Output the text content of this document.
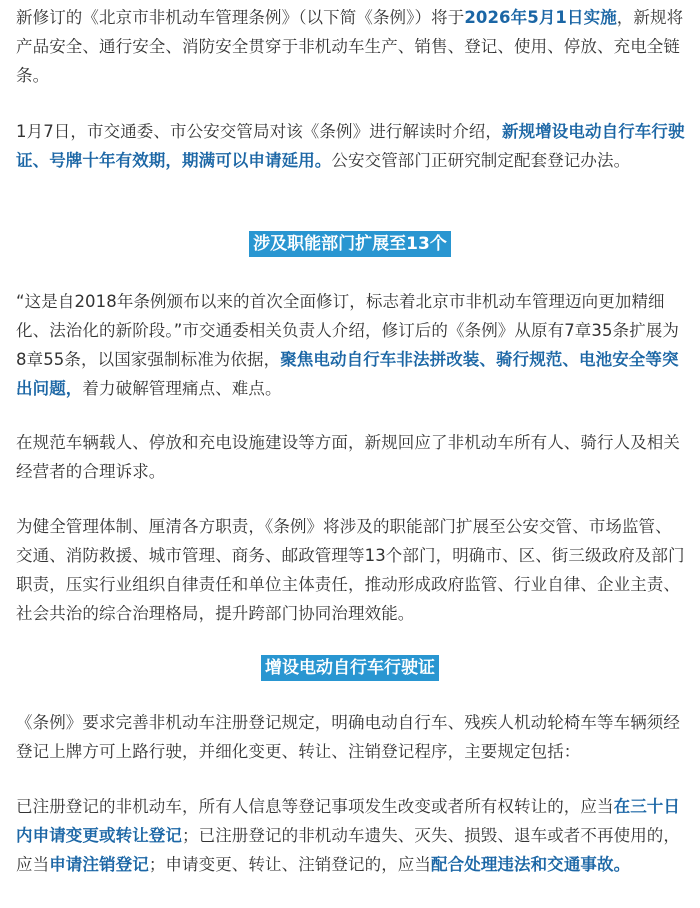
新修订的《北京市非机动车管理条例》（以下简《条例》）将于2026年5月1日实施，新规将产品安全、通行安全、消防安全贯穿于非机动车生产、销售、登记、使用、停放、充电全链条。

1月7日，市交通委、市公安交管局对该《条例》进行解读时介绍，新规增设电动自行车行驶证、号牌十年有效期，期满可以申请延用。公安交管部门正研究制定配套登记办法。

涉及职能部门扩展至13个

“这是自2018年条例颁布以来的首次全面修订，标志着北京市非机动车管理迈向更加精细化、法治化的新阶段。”市交通委相关负责人介绍，修订后的《条例》从原有7章35条扩展为8章55条，以国家强制标准为依据，聚焦电动自行车非法拼改装、骑行规范、电池安全等突出问题，着力破解管理痛点、难点。

在规范车辆载人、停放和充电设施建设等方面，新规回应了非机动车所有人、骑行人及相关经营者的合理诉求。

为健全管理体制、厘清各方职责，《条例》将涉及的职能部门扩展至公安交管、市场监管、交通、消防救援、城市管理、商务、邮政管理等13个部门，明确市、区、街三级政府及部门职责，压实行业组织自律责任和单位主体责任，推动形成政府监管、行业自律、企业主责、社会共治的综合治理格局，提升跨部门协同治理效能。

增设电动自行车行驶证

《条例》要求完善非机动车注册登记规定，明确电动自行车、残疾人机动轮椅车等车辆须经登记上牌方可上路行驶，并细化变更、转让、注销登记程序，主要规定包括：

已注册登记的非机动车，所有人信息等登记事项发生改变或者所有权转让的，应当在三十日内申请变更或转让登记；已注册登记的非机动车遗失、灭失、损毁、退车或者不再使用的，应当申请注销登记；申请变更、转让、注销登记的，应当配合处理违法和交通事故。
